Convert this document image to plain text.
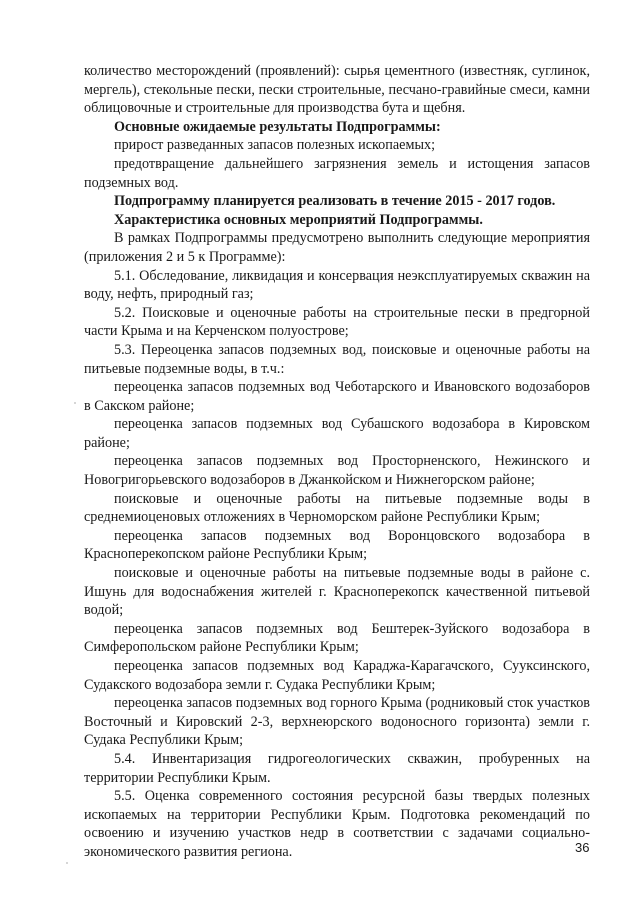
количество месторождений (проявлений): сырья цементного (известняк, суглинок, мергель), стекольные пески, пески строительные, песчано-гравийные смеси, камни облицовочные и строительные для производства бута и щебня.

Основные ожидаемые результаты Подпрограммы:

прирост разведанных запасов полезных ископаемых;

предотвращение дальнейшего загрязнения земель и истощения запасов подземных вод.

Подпрограмму планируется реализовать в течение 2015 - 2017 годов.

Характеристика основных мероприятий Подпрограммы.

В рамках Подпрограммы предусмотрено выполнить следующие мероприятия (приложения 2 и 5 к Программе):

5.1. Обследование, ликвидация и консервация неэксплуатируемых скважин на воду, нефть, природный газ;

5.2. Поисковые и оценочные работы на строительные пески в предгорной части Крыма и на Керченском полуострове;

5.3. Переоценка запасов подземных вод, поисковые и оценочные работы на питьевые подземные воды, в т.ч.:

переоценка запасов подземных вод Чеботарского и Ивановского водозаборов в Сакском районе;

переоценка запасов подземных вод Субашского водозабора в Кировском районе;

переоценка запасов подземных вод Просторненского, Нежинского и Новогригорьевского водозаборов в Джанкойском и Нижнегорском районе;

поисковые и оценочные работы на питьевые подземные воды в среднемиоценовых отложениях в Черноморском районе Республики Крым;

переоценка запасов подземных вод Воронцовского водозабора в Красноперекопском районе Республики Крым;

поисковые и оценочные работы на питьевые подземные воды в районе с. Ишунь для водоснабжения жителей г. Красноперекопск качественной питьевой водой;

переоценка запасов подземных вод Бештерек-Зуйского водозабора в Симферопольском районе Республики Крым;

переоценка запасов подземных вод Караджа-Карагачского, Сууксинского, Судакского водозабора земли г. Судака Республики Крым;

переоценка запасов подземных вод горного Крыма (родниковый сток участков Восточный и Кировский 2-3, верхнеюрского водоносного горизонта) земли г. Судака Республики Крым;

5.4. Инвентаризация гидрогеологических скважин, пробуренных на территории Республики Крым.

5.5. Оценка современного состояния ресурсной базы твердых полезных ископаемых на территории Республики Крым. Подготовка рекомендаций по освоению и изучению участков недр в соответствии с задачами социально-экономического развития региона.	36
